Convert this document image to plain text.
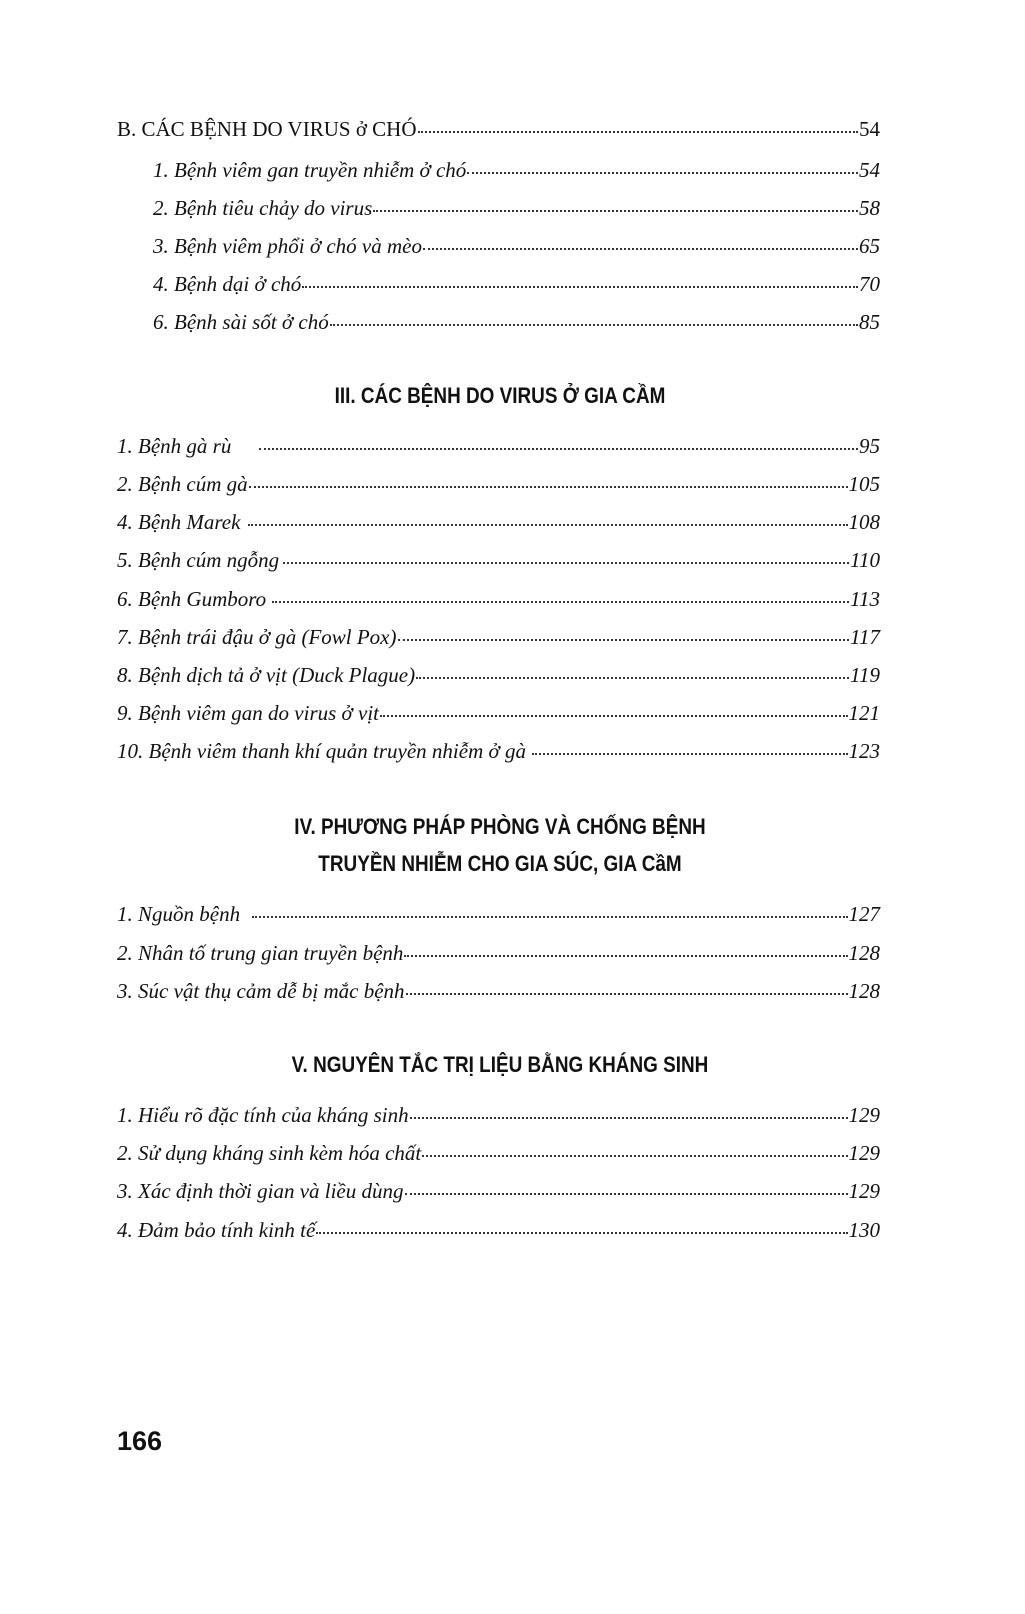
B. CÁC BỆNH DO VIRUS ở CHÓ	54
1. Bệnh viêm gan truyền nhiễm ở chó	54
2. Bệnh tiêu chảy do virus	58
3. Bệnh viêm phổi ở chó và mèo	65
4. Bệnh dại ở chó	70
6. Bệnh sài sốt ở chó	85
III. CÁC BỆNH DO VIRUS Ở GIA CẦM
1. Bệnh gà rù	95
2. Bệnh cúm gà	105
4. Bệnh Marek	108
5. Bệnh cúm ngỗng	110
6. Bệnh Gumboro	113
7. Bệnh trái đậu ở gà (Fowl Pox)	117
8. Bệnh dịch tả ở vịt (Duck Plague)	119
9. Bệnh viêm gan do virus ở vịt	121
10. Bệnh viêm thanh khí quản truyền nhiễm ở gà	123
IV. PHƯƠNG PHÁP PHÒNG VÀ CHỐNG BỆNH
TRUYỀN NHIỄM CHO GIA SÚC, GIA CầM
1. Nguồn bệnh	127
2. Nhân tố trung gian truyền bệnh	128
3. Súc vật thụ cảm dễ bị mắc bệnh	128
V. NGUYÊN TẮC TRỊ LIỆU BẰNG KHÁNG SINH
1. Hiểu rõ đặc tính của kháng sinh	129
2. Sử dụng kháng sinh kèm hóa chất	129
3. Xác định thời gian và liều dùng	129
4. Đảm bảo tính kinh tế	130
166
